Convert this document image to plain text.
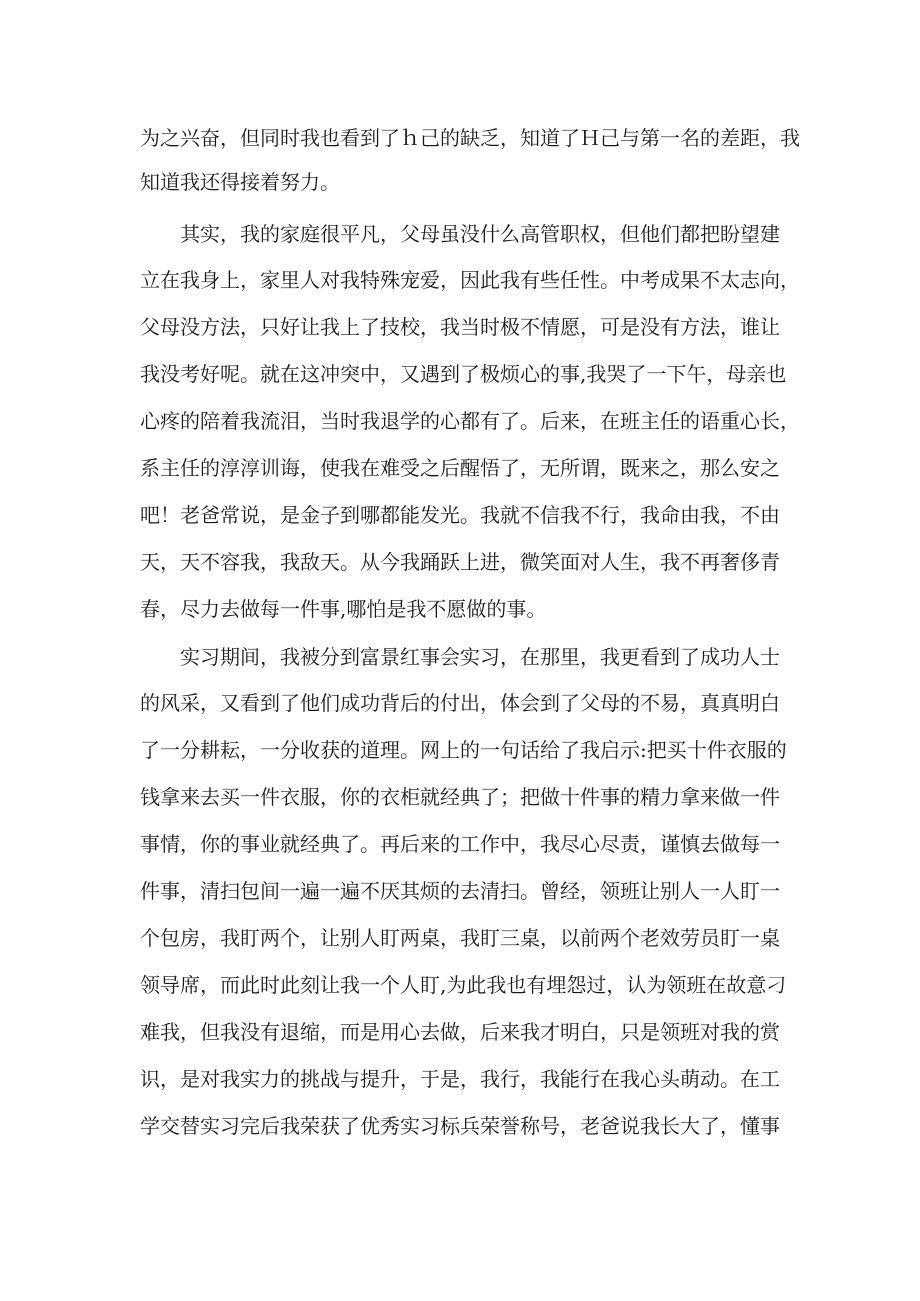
为之兴奋，但同时我也看到了ｈ己的缺乏，知道了Ｈ己与第一名的差距，我
知道我还得接着努力。
其实，我的家庭很平凡，父母虽没什么高管职权，但他们都把盼望建
立在我身上，家里人对我特殊宠爱，因此我有些任性。中考成果不太志向，
父母没方法，只好让我上了技校，我当时极不情愿，可是没有方法，谁让
我没考好呢。就在这冲突中，又遇到了极烦心的事,我哭了一下午，母亲也
心疼的陪着我流泪，当时我退学的心都有了。后来，在班主任的语重心长，
系主任的淳淳训诲，使我在难受之后醒悟了，无所谓，既来之，那么安之
吧！老爸常说，是金子到哪都能发光。我就不信我不行，我命由我，不由
天，天不容我，我敌天。从今我踊跃上进，微笑面对人生，我不再奢侈青
春，尽力去做每一件事,哪怕是我不愿做的事。
实习期间，我被分到富景红事会实习，在那里，我更看到了成功人士
的风采，又看到了他们成功背后的付出，体会到了父母的不易，真真明白
了一分耕耘，一分收获的道理。网上的一句话给了我启示:把买十件衣服的
钱拿来去买一件衣服，你的衣柜就经典了；把做十件事的精力拿来做一件
事情，你的事业就经典了。再后来的工作中，我尽心尽责，谨慎去做每一
件事，清扫包间一遍一遍不厌其烦的去清扫。曾经，领班让别人一人盯一
个包房，我盯两个，让别人盯两桌，我盯三桌，以前两个老效劳员盯一桌
领导席，而此时此刻让我一个人盯,为此我也有埋怨过，认为领班在故意刁
难我，但我没有退缩，而是用心去做，后来我才明白，只是领班对我的赏
识，是对我实力的挑战与提升，于是，我行，我能行在我心头萌动。在工
学交替实习完后我荣获了优秀实习标兵荣誉称号，老爸说我长大了，懂事
